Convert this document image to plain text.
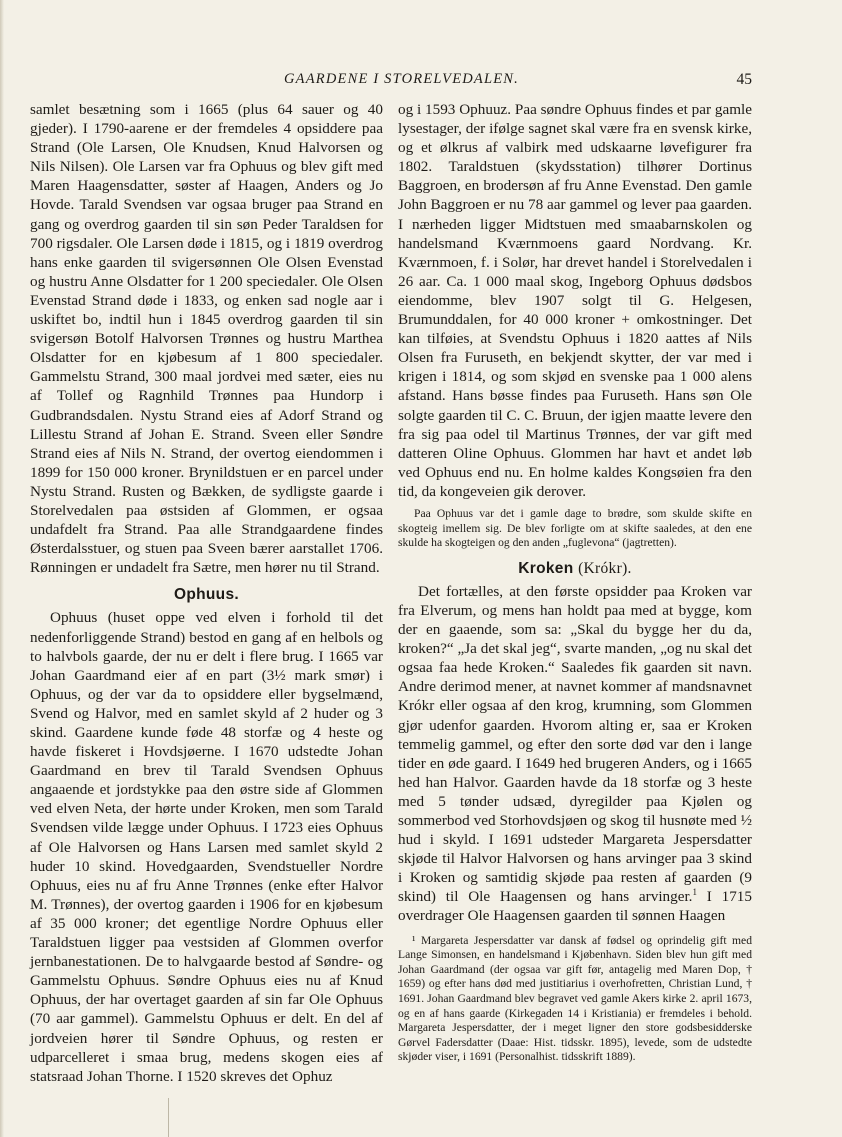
GAARDENE I STORELVEDALEN.	45

samlet besætning som i 1665 (plus 64 sauer og 40 gjeder). I 1790-aarene er der fremdeles 4 opsiddere paa Strand (Ole Larsen, Ole Knudsen, Knud Halvorsen og Nils Nilsen). Ole Larsen var fra Ophuus og blev gift med Maren Haagensdatter, søster af Haagen, Anders og Jo Hovde. Tarald Svendsen var ogsaa bruger paa Strand en gang og overdrog gaarden til sin søn Peder Taraldsen for 700 rigsdaler. Ole Larsen døde i 1815, og i 1819 overdrog hans enke gaarden til svigersønnen Ole Olsen Evenstad og hustru Anne Olsdatter for 1 200 speciedaler. Ole Olsen Evenstad Strand døde i 1833, og enken sad nogle aar i uskiftet bo, indtil hun i 1845 overdrog gaarden til sin svigersøn Botolf Halvorsen Trønnes og hustru Marthea Olsdatter for en kjøbesum af 1 800 speciedaler. Gammelstu Strand, 300 maal jordvei med sæter, eies nu af Tollef og Ragnhild Trønnes paa Hundorp i Gudbrandsdalen. Nystu Strand eies af Adorf Strand og Lillestu Strand af Johan E. Strand. Sveen eller Søndre Strand eies af Nils N. Strand, der overtog eiendommen i 1899 for 150 000 kroner. Brynildstuen er en parcel under Nystu Strand. Rusten og Bækken, de sydligste gaarde i Storelvedalen paa østsiden af Glommen, er ogsaa undafdelt fra Strand. Paa alle Strandgaardene findes Østerdalsstuer, og stuen paa Sveen bærer aarstallet 1706. Rønningen er undadelt fra Sætre, men hører nu til Strand.

Ophuus.

Ophuus (huset oppe ved elven i forhold til det nedenforliggende Strand) bestod en gang af en helbols og to halvbols gaarde, der nu er delt i flere brug. I 1665 var Johan Gaardmand eier af en part (3½ mark smør) i Ophuus, og der var da to opsiddere eller bygselmænd, Svend og Halvor, med en samlet skyld af 2 huder og 3 skind. Gaardene kunde føde 48 storfæ og 4 heste og havde fiskeret i Hovdsjøerne. I 1670 udstedte Johan Gaardmand en brev til Tarald Svendsen Ophuus angaaende et jordstykke paa den østre side af Glommen ved elven Neta, der hørte under Kroken, men som Tarald Svendsen vilde lægge under Ophuus. I 1723 eies Ophuus af Ole Halvorsen og Hans Larsen med samlet skyld 2 huder 10 skind. Hovedgaarden, Svendstueller Nordre Ophuus, eies nu af fru Anne Trønnes (enke efter Halvor M. Trønnes), der overtog gaarden i 1906 for en kjøbesum af 35 000 kroner; det egentlige Nordre Ophuus eller Taraldstuen ligger paa vestsiden af Glommen overfor jernbanestationen. De to halvgaarde bestod af Søndre- og Gammelstu Ophuus. Søndre Ophuus eies nu af Knud Ophuus, der har overtaget gaarden af sin far Ole Ophuus (70 aar gammel). Gammelstu Ophuus er delt. En del af jordveien hører til Søndre Ophuus, og resten er udparcelleret i smaa brug, medens skogen eies af statsraad Johan Thorne. I 1520 skreves det Ophuz

og i 1593 Ophuuz. Paa søndre Ophuus findes et par gamle lysestager, der ifølge sagnet skal være fra en svensk kirke, og et ølkrus af valbirk med udskaarne løvefigurer fra 1802. Taraldstuen (skydsstation) tilhører Dortinus Baggroen, en brodersøn af fru Anne Evenstad. Den gamle John Baggroen er nu 78 aar gammel og lever paa gaarden. I nærheden ligger Midtstuen med smaabarnskolen og handelsmand Kværnmoens gaard Nordvang. Kr. Kværnmoen, f. i Solør, har drevet handel i Storelvedalen i 26 aar. Ca. 1 000 maal skog, Ingeborg Ophuus dødsbos eiendomme, blev 1907 solgt til G. Helgesen, Brumunddalen, for 40 000 kroner + omkostninger. Det kan tilføies, at Svendstu Ophuus i 1820 aattes af Nils Olsen fra Furuseth, en bekjendt skytter, der var med i krigen i 1814, og som skjød en svenske paa 1 000 alens afstand. Hans bøsse findes paa Furuseth. Hans søn Ole solgte gaarden til C. C. Bruun, der igjen maatte levere den fra sig paa odel til Martinus Trønnes, der var gift med datteren Oline Ophuus. Glommen har havt et andet løb ved Ophuus end nu. En holme kaldes Kongsøien fra den tid, da kongeveien gik derover.

Paa Ophuus var det i gamle dage to brødre, som skulde skifte en skogteig imellem sig. De blev forligte om at skifte saaledes, at den ene skulde ha skogteigen og den anden „fuglevona“ (jagtretten).

Kroken (Krókr).

Det fortælles, at den første opsidder paa Kroken var fra Elverum, og mens han holdt paa med at bygge, kom der en gaaende, som sa: „Skal du bygge her du da, kroken?“ „Ja det skal jeg“, svarte manden, „og nu skal det ogsaa faa hede Kroken.“ Saaledes fik gaarden sit navn. Andre derimod mener, at navnet kommer af mandsnavnet Krókr eller ogsaa af den krog, krumning, som Glommen gjør udenfor gaarden. Hvorom alting er, saa er Kroken temmelig gammel, og efter den sorte død var den i lange tider en øde gaard. I 1649 hed brugeren Anders, og i 1665 hed han Halvor. Gaarden havde da 18 storfæ og 3 heste med 5 tønder udsæd, dyregilder paa Kjølen og sommerbod ved Storhovdsjøen og skog til husnøte med ½ hud i skyld. I 1691 udsteder Margareta Jespersdatter skjøde til Halvor Halvorsen og hans arvinger paa 3 skind i Kroken og samtidig skjøde paa resten af gaarden (9 skind) til Ole Haagensen og hans arvinger.$^1$ I 1715 overdrager Ole Haagensen gaarden til sønnen Haagen

¹ Margareta Jespersdatter var dansk af fødsel og oprindelig gift med Lange Simonsen, en handelsmand i Kjøbenhavn. Siden blev hun gift med Johan Gaardmand (der ogsaa var gift før, antagelig med Maren Dop, † 1659) og efter hans død med justitiarius i overhofretten, Christian Lund, † 1691. Johan Gaardmand blev begravet ved gamle Akers kirke 2. april 1673, og en af hans gaarde (Kirkegaden 14 i Kristiania) er fremdeles i behold. Margareta Jespersdatter, der i meget ligner den store godsbesidderske Gørvel Fadersdatter (Daae: Hist. tidsskr. 1895), levede, som de udstedte skjøder viser, i 1691 (Personalhist. tidsskrift 1889).
